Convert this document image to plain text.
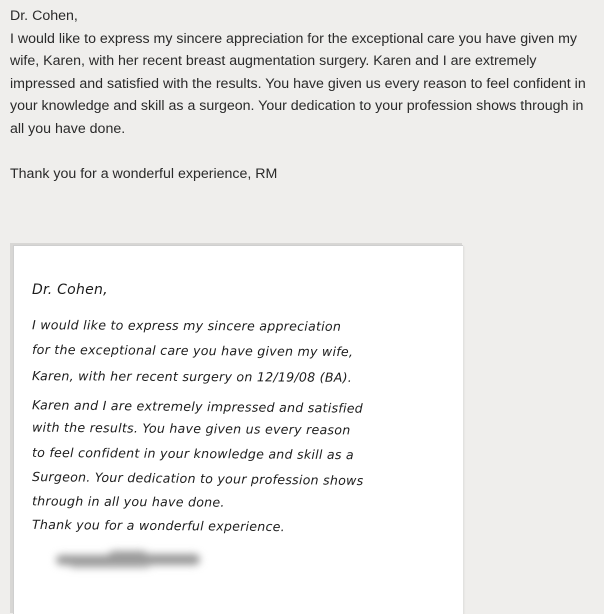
Dr. Cohen,

I would like to express my sincere appreciation for the exceptional care you have given my wife, Karen, with her recent breast augmentation surgery. Karen and I are extremely impressed and satisfied with the results. You have given us every reason to feel confident in your knowledge and skill as a surgeon. Your dedication to your profession shows through in all you have done.

Thank you for a wonderful experience, RM

Dr. Cohen,
I would like to express my sincere appreciation
for the exceptional care you have given my wife,
Karen, with her recent surgery on 12/19/08 (BA).
Karen and I are extremely impressed and satisfied
with the results. You have given us every reason
to feel confident in your knowledge and skill as a
Surgeon. Your dedication to your profession shows
through in all you have done.
Thank you for a wonderful experience.
